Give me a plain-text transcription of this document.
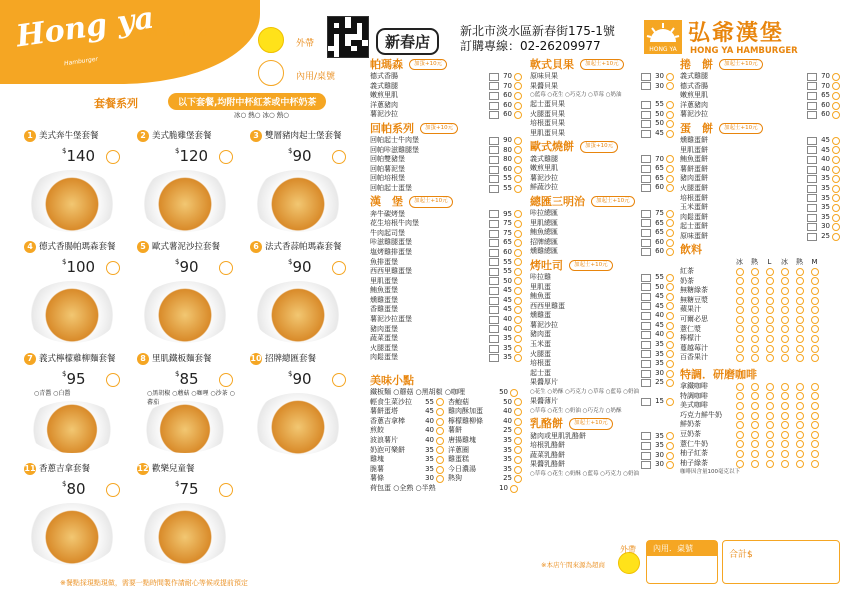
Hong ya
Hamburger
MENU
外帶
內用/桌號
新春店
新北市淡水區新春街175-1號
訂購專線：02-26209977	HONG YA
弘爺漢堡
HONG YA HAMBURGER
套餐系列	以下套餐,均附中杯紅茶或中杯奶茶
冰○ 熱○ 冰○ 熱○
1 美式奔牛堡套餐
$140
2 美式脆雞堡套餐
$120
3 雙層豬肉起士堡套餐
$90
4 德式香腸帕瑪森套餐
$100
5 歐式薯泥沙拉套餐
$90
6 法式香蒜帕瑪森套餐
$90
7 義式檸檬雞柳麵套餐
$95
○青醬 ○白醬
8 里肌鐵板麵套餐
$85
○黑胡椒 ○蘑菇 ○咖哩 ○沙茶 ○蕃茄
10 招牌總匯套餐
$90
11 香蔥吉拿套餐
$80
12 歡樂兒童餐
$75
※餐點採現點現做，需要一點時間製作請耐心等候或提前預定
帕瑪森	加蛋+10元
德式香腸	70
義式雞腿	70
嫩煎里肌	60
洋蔥豬肉	60
薯泥沙拉	60
回帕系列	加蛋+10元
回帕起士牛肉堡	90
回帕咔滋雞腿堡	80
回帕雙豬堡	80
回帕薯泥堡	60
回帕培根堡	55
回帕起士蛋堡	55
漢　堡	加起士+10元
奔牛碳烤堡	95
花生培根牛肉堡	75
牛肉起司堡	75
咔滋雞腿蛋堡	65
塩烤雞排蛋堡	60
魚排蛋堡	55
西西里雞蛋堡	55
里肌蛋堡	50
鮪魚蛋堡	45
燻雞蛋堡	45
香雞蛋堡	45
薯泥沙拉蛋堡	40
豬肉蛋堡	40
蔬菜蛋堡	35
火腿蛋堡	35
肉鬆蛋堡	35
美味小點
鐵板麵 ○蘑菇 ○黑胡椒 ○咖哩	50
輕食生菜沙拉	55 杏鮑菇	50
薯餅蛋塔	45 雞肉酥加蛋	40
香蔥吉拿棒	40 檸檬雞柳條	40
煎餃	40 薯餅	25
波浪薯片	40 唐揚雞塊	35
奶泡可樂餅	35 洋蔥圈	35
雞塊	35 雞蛋糕	35
脆薯	35 今日濃湯	35
薯條	30 熱狗	25
荷包蛋 ○全熟 ○半熟	10
軟式貝果	加起士+10元
原味貝果	30
果醬貝果	30
○藍莓 ○花生 ○巧克力 ○草莓 ○奶油
起士蛋貝果	55
火腿蛋貝果	50
培根蛋貝果	50
里肌蛋貝果	45
歐式燒餅	加蛋+10元
義式雞腿	70
嫩煎里肌	65
薯泥沙拉	65
鮮蔬沙拉	60
總匯三明治	加起士+10元
咔拉總匯	75
里肌總匯	65
鮪魚總匯	65
招牌總匯	60
燻雞總匯	60
烤吐司	加起士+10元
咔拉雞	55
里肌蛋	50
鮪魚蛋	45
西西里雞蛋	45
燻雞蛋	40
薯泥沙拉	45
豬肉蛋	40
玉米蛋	35
火腿蛋	35
培根蛋	35
起士蛋	30
果醬厚片	25
○花生 ○奶酥 ○巧克力 ○草莓 ○藍莓 ○奶油
果醬薄片	15
○草莓 ○花生 ○奶油 ○巧克力 ○奶酥
乳酪餅	加起士+10元
豬肉或里肌乳酪餅	35
培根乳酪餅	35
蔬菜乳酪餅	30
果醬乳酪餅	30
○草莓 ○花生 ○奶酥 ○藍莓 ○巧克力 ○奶油
捲　餅	加起士+10元
義式雞腿	70
德式香腸	70
嫩煎里肌	65
洋蔥豬肉	60
薯泥沙拉	60
蛋　餅	加起士+10元
燻雞蛋餅	45
里肌蛋餅	45
鮪魚蛋餅	40
薯餅蛋餅	40
豬肉蛋餅	35
火腿蛋餅	35
培根蛋餅	35
玉米蛋餅	35
肉鬆蛋餅	35
起士蛋餅	30
原味蛋餅	25
飲料
冰	熱	L	冰	熱	M
紅茶
奶茶
無糖綠茶
無糖豆漿
蘋果汁
可爾必思
薏仁漿
檸檬汁
蔓越莓汁
百香果汁
特調．研磨咖啡
拿鐵咖啡
特調咖啡
美式咖啡
巧克力鮮牛奶
鮮奶茶
豆奶茶
薏仁牛奶
柚子紅茶
柚子綠茶
咖啡因含量100毫克以下
外帶
※本店午間來源為超商
內用．桌號
合計$
